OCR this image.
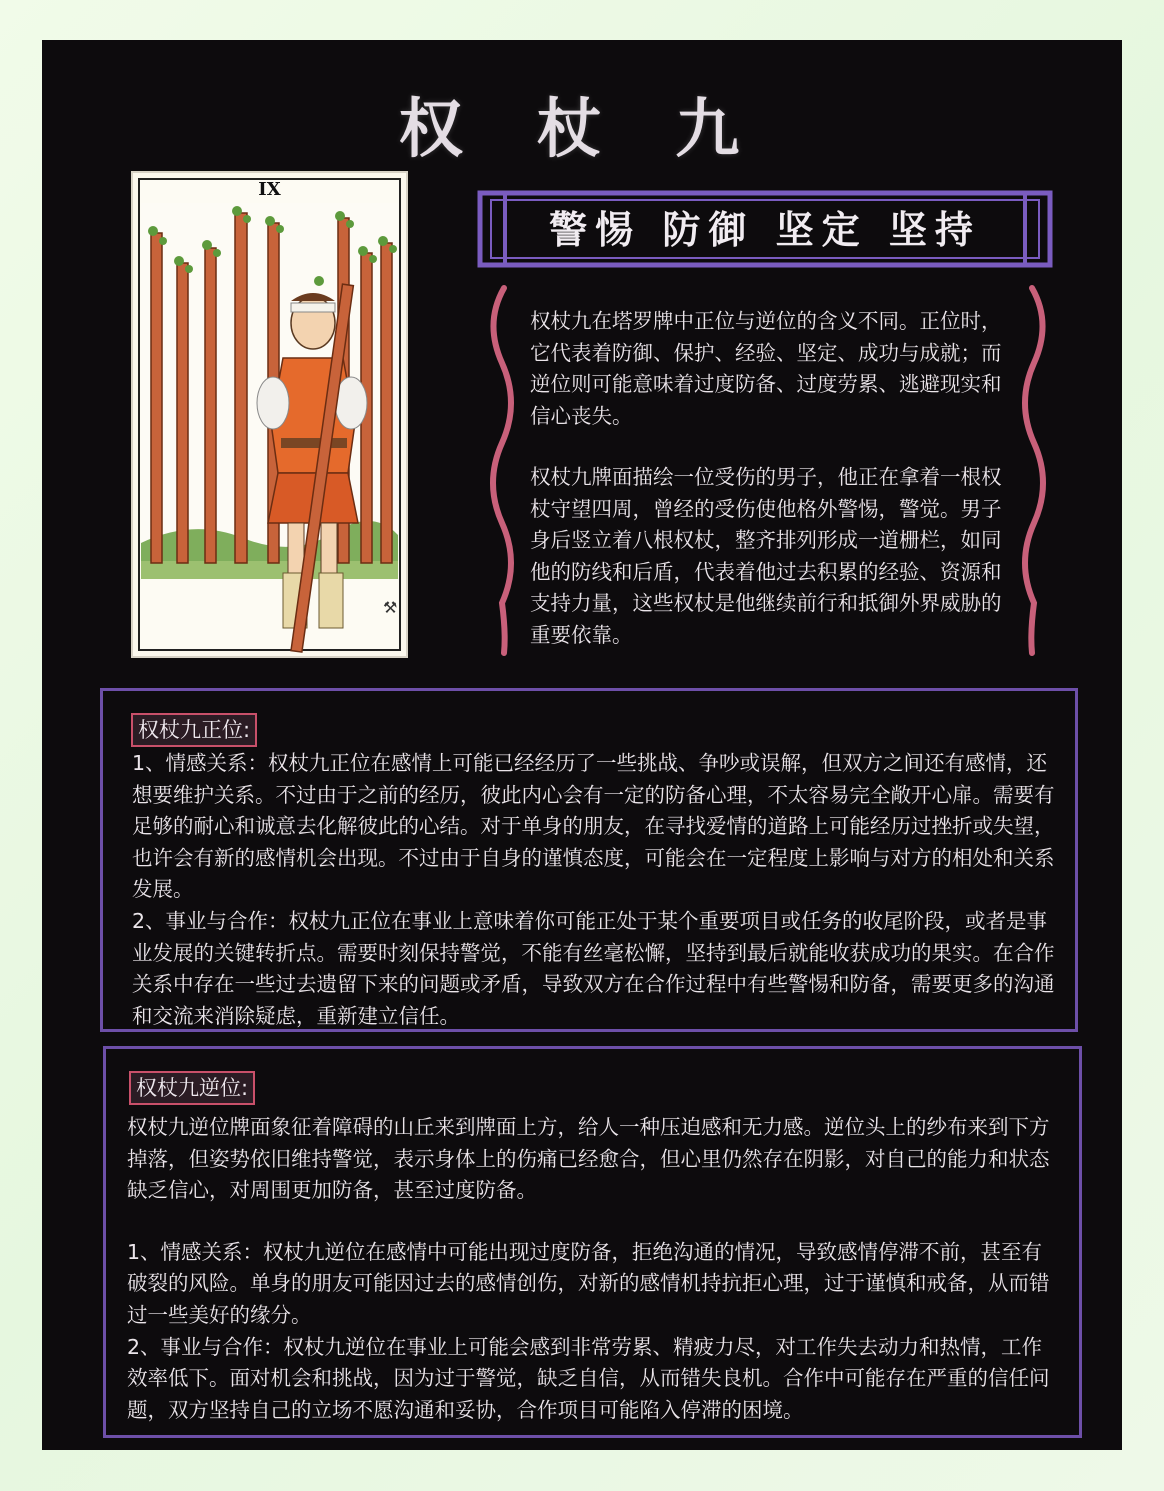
权 杖 九
⚒
IX
警惕 防御 坚定 坚持

权杖九在塔罗牌中正位与逆位的含义不同。正位时，它代表着防御、保护、经验、坚定、成功与成就；而逆位则可能意味着过度防备、过度劳累、逃避现实和信心丧失。

权杖九牌面描绘一位受伤的男子，他正在拿着一根权杖守望四周，曾经的受伤使他格外警惕，警觉。男子身后竖立着八根权杖，整齐排列形成一道栅栏，如同他的防线和后盾，代表着他过去积累的经验、资源和支持力量，这些权杖是他继续前行和抵御外界威胁的重要依靠。

权杖九正位:

1、情感关系：权杖九正位在感情上可能已经经历了一些挑战、争吵或误解，但双方之间还有感情，还想要维护关系。不过由于之前的经历，彼此内心会有一定的防备心理，不太容易完全敞开心扉。需要有足够的耐心和诚意去化解彼此的心结。对于单身的朋友，在寻找爱情的道路上可能经历过挫折或失望，也许会有新的感情机会出现。不过由于自身的谨慎态度，可能会在一定程度上影响与对方的相处和关系发展。

2、事业与合作：权杖九正位在事业上意味着你可能正处于某个重要项目或任务的收尾阶段，或者是事业发展的关键转折点。需要时刻保持警觉，不能有丝毫松懈，坚持到最后就能收获成功的果实。在合作关系中存在一些过去遗留下来的问题或矛盾，导致双方在合作过程中有些警惕和防备，需要更多的沟通和交流来消除疑虑，重新建立信任。

权杖九逆位:

权杖九逆位牌面象征着障碍的山丘来到牌面上方，给人一种压迫感和无力感。逆位头上的纱布来到下方掉落，但姿势依旧维持警觉，表示身体上的伤痛已经愈合，但心里仍然存在阴影，对自己的能力和状态缺乏信心，对周围更加防备，甚至过度防备。

1、情感关系：权杖九逆位在感情中可能出现过度防备，拒绝沟通的情况，导致感情停滞不前，甚至有破裂的风险。单身的朋友可能因过去的感情创伤，对新的感情机持抗拒心理，过于谨慎和戒备，从而错过一些美好的缘分。

2、事业与合作：权杖九逆位在事业上可能会感到非常劳累、精疲力尽，对工作失去动力和热情，工作效率低下。面对机会和挑战，因为过于警觉，缺乏自信，从而错失良机。合作中可能存在严重的信任问题，双方坚持自己的立场不愿沟通和妥协，合作项目可能陷入停滞的困境。
